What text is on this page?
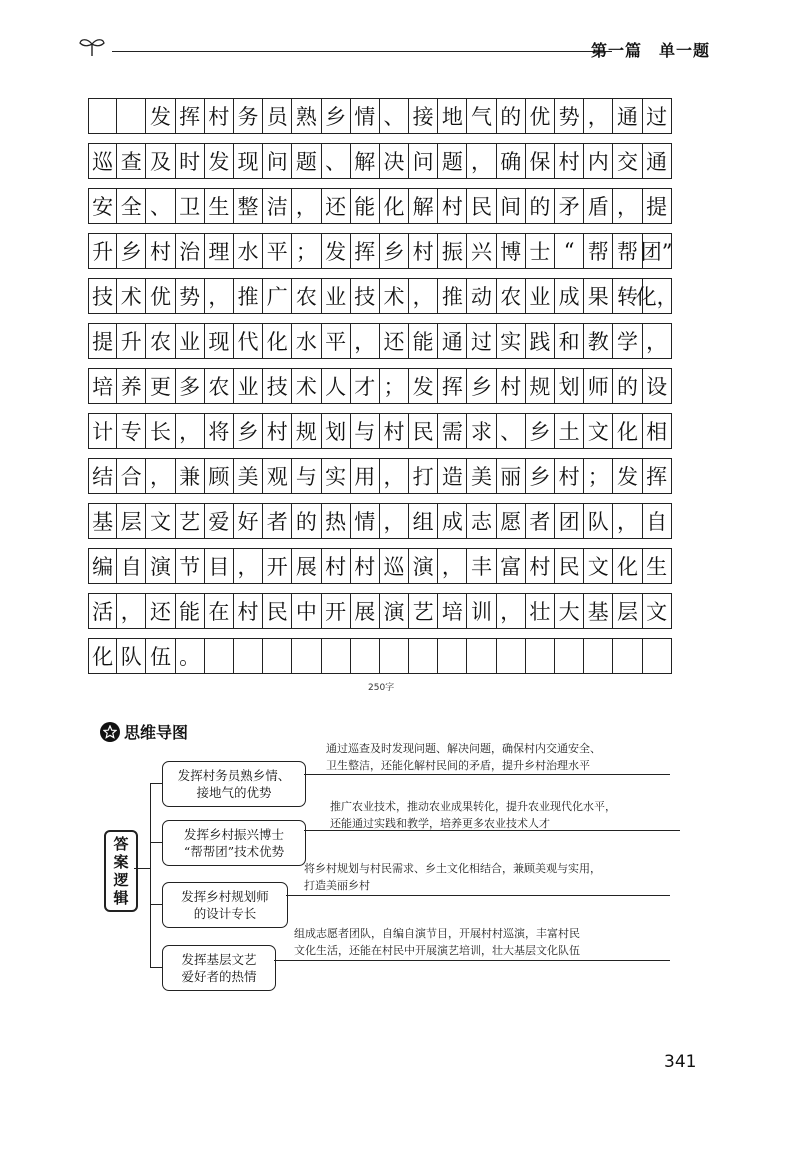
第一篇　单一题
发 挥 村 务 员 熟 乡 情 、 接 地 气 的 优 势 ， 通 过
巡 查 及 时 发 现 问 题 、 解 决 问 题 ， 确 保 村 内 交 通
安 全 、 卫 生 整 洁 ， 还 能 化 解 村 民 间 的 矛 盾 ， 提
升 乡 村 治 理 水 平 ； 发 挥 乡 村 振 兴 博 士 “ 帮 帮 团”
技 术 优 势 ， 推 广 农 业 技 术 ， 推 动 农 业 成 果 转
化，
提 升 农 业 现 代 化 水 平 ， 还 能 通 过 实 践 和 教 学 ，
培 养 更 多 农 业 技 术 人 才 ； 发 挥 乡 村 规 划 师 的 设
计 专 长 ， 将 乡 村 规 划 与 村 民 需 求 、 乡 土 文 化 相
结 合 ， 兼 顾 美 观 与 实 用 ， 打 造 美 丽 乡 村 ； 发 挥
基 层 文 艺 爱 好 者 的 热 情 ， 组 成 志 愿 者 团 队 ， 自
编 自 演 节 目 ， 开 展 村 村 巡 演 ， 丰 富 村 民 文 化 生
活 ， 还 能 在 村 民 中 开 展 演 艺 培 训 ， 壮 大 基 层 文
化 队 伍 。
250字
思维导图
答
案
逻
辑
发挥村务员熟乡情、
接地气的优势
通过巡查及时发现问题、解决问题，确保村内交通安全、
卫生整洁，还能化解村民间的矛盾，提升乡村治理水平
发挥乡村振兴博士
“帮帮团”技术优势
推广农业技术，推动农业成果转化，提升农业现代化水平，
还能通过实践和教学，培养更多农业技术人才
发挥乡村规划师
的设计专长
将乡村规划与村民需求、乡土文化相结合，兼顾美观与实用，
打造美丽乡村
发挥基层文艺
爱好者的热情
组成志愿者团队，自编自演节目，开展村村巡演，丰富村民
文化生活，还能在村民中开展演艺培训，壮大基层文化队伍
341
